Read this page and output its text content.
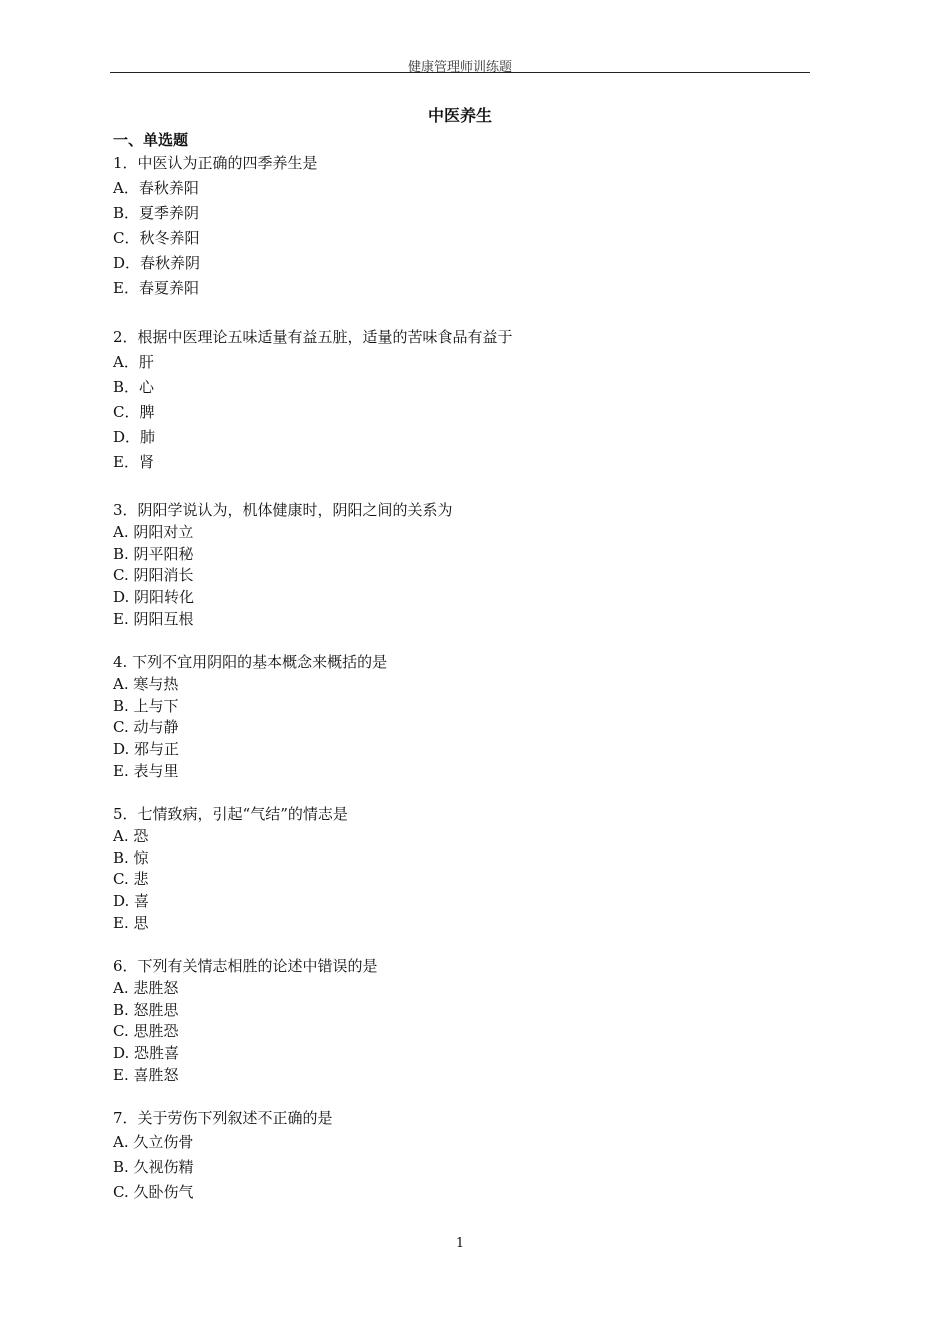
健康管理师训练题
中医养生
一、单选题
1．中医认为正确的四季养生是
A．春秋养阳
B．夏季养阴
C．秋冬养阳
D．春秋养阴
E．春夏养阳
2．根据中医理论五味适量有益五脏，适量的苦味食品有益于
A．肝
B．心
C．脾
D．肺
E．肾
3．阴阳学说认为，机体健康时，阴阳之间的关系为
A. 阴阳对立
B. 阴平阳秘
C. 阴阳消长
D. 阴阳转化
E. 阴阳互根
4. 下列不宜用阴阳的基本概念来概括的是
A. 寒与热
B. 上与下
C. 动与静
D. 邪与正
E. 表与里
5．七情致病，引起“气结”的情志是
A. 恐
B. 惊
C. 悲
D. 喜
E. 思
6．下列有关情志相胜的论述中错误的是
A. 悲胜怒
B. 怒胜思
C. 思胜恐
D. 恐胜喜
E. 喜胜怒
7．关于劳伤下列叙述不正确的是
A. 久立伤骨
B. 久视伤精
C. 久卧伤气
1
